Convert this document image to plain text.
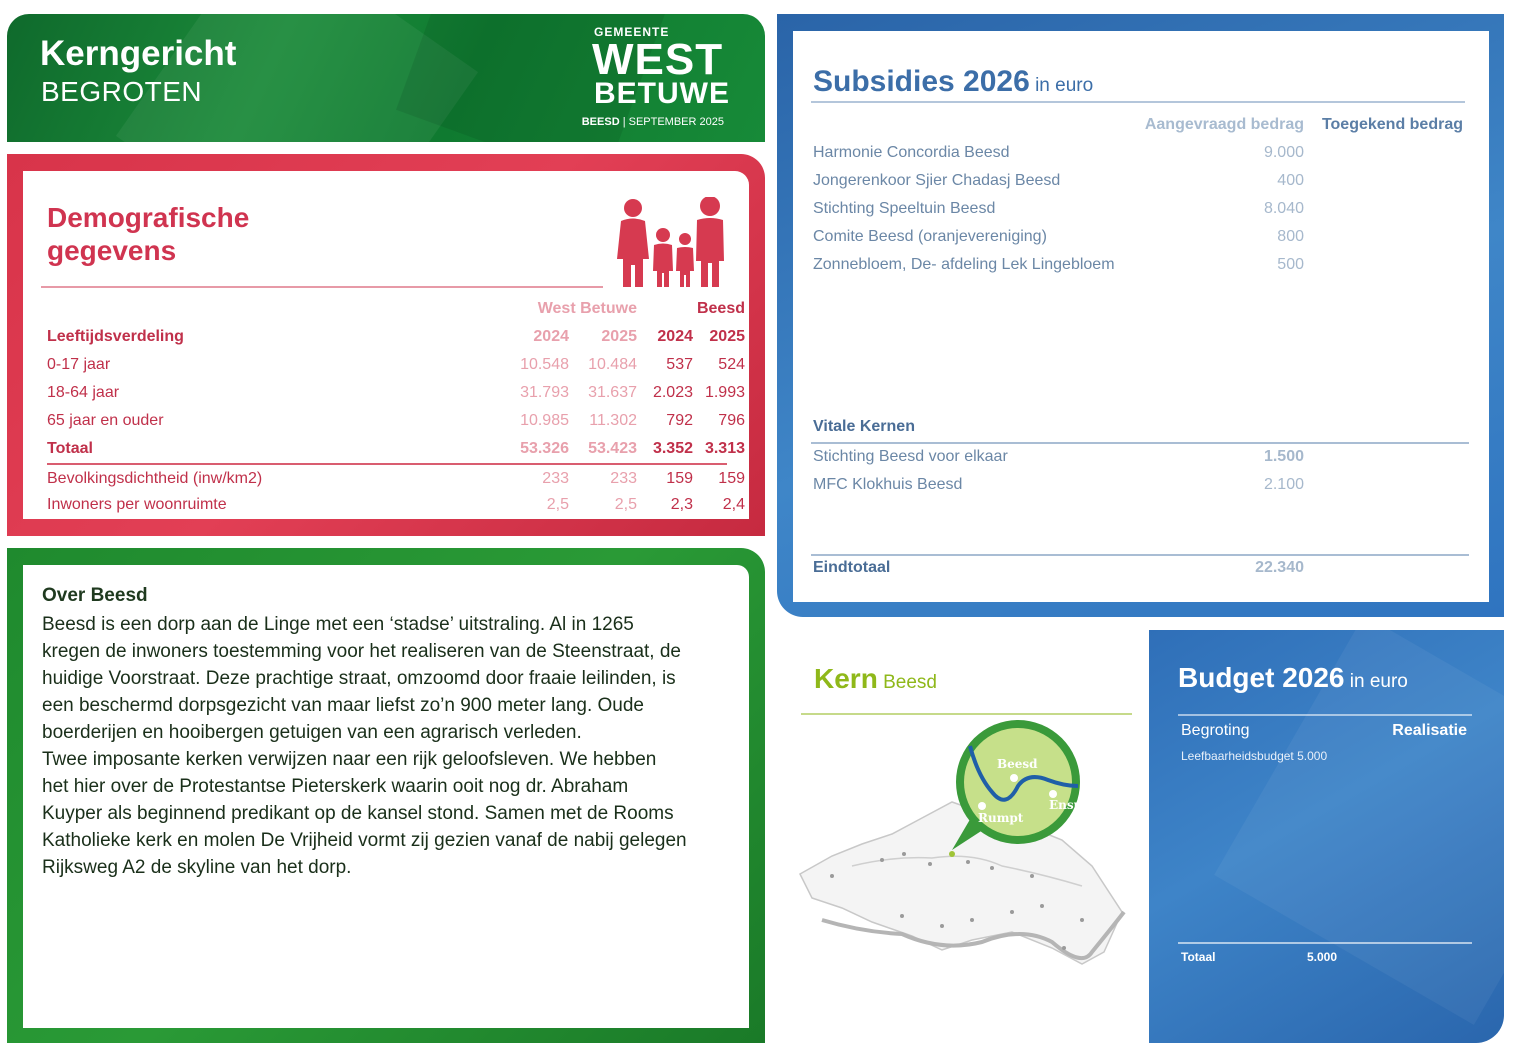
Kerngericht
BEGROTEN
GEMEENTE
WEST
BETUWE
BEESD | SEPTEMBER 2025
Demografische
gegevens
West Betuwe	Beesd
Leeftijdsverdeling	2024 2025 2024 2025
0-17 jaar	10.548 10.484 537 524
18-64 jaar	31.793 31.637 2.023 1.993
65 jaar en ouder	10.985 11.302 792 796
Totaal	53.326 53.423 3.352 3.313
Bevolkingsdichtheid (inw/km2)	233	233 159 159
Inwoners per woonruimte	2,5	2,5 2,3 2,4
Over Beesd

Beesd is een dorp aan de Linge met een ‘stadse’ uitstraling. Al in 1265

kregen de inwoners toestemming voor het realiseren van de Steenstraat, de

huidige Voorstraat. Deze prachtige straat, omzoomd door fraaie leilinden, is

een beschermd dorpsgezicht van maar liefst zo’n 900 meter lang. Oude

boerderijen en hooibergen getuigen van een agrarisch verleden.

Twee imposante kerken verwijzen naar een rijk geloofsleven. We hebben

het hier over de Protestantse Pieterskerk waarin ooit nog dr. Abraham

Kuyper als beginnend predikant op de kansel stond. Samen met de Rooms

Katholieke kerk en molen De Vrijheid vormt zij gezien vanaf de nabij gelegen

Rijksweg A2 de skyline van het dorp.

Subsidies 2026 in euro
Aangevraagd bedrag Toegekend bedrag
Harmonie Concordia Beesd	9.000
Jongerenkoor Sjier Chadasj Beesd	400
Stichting Speeltuin Beesd	8.040
Comite Beesd (oranjevereniging)	800
Zonnebloem, De- afdeling Lek Lingebloem	500
Vitale Kernen
Stichting Beesd voor elkaar	1.500
MFC Klokhuis Beesd	2.100
Eindtotaal	22.340
Kern Beesd
Beesd
Rumpt
Enspijk
Budget 2026 in euro
Begroting	Realisatie
Leefbaarheidsbudget 5.000
Totaal	5.000
